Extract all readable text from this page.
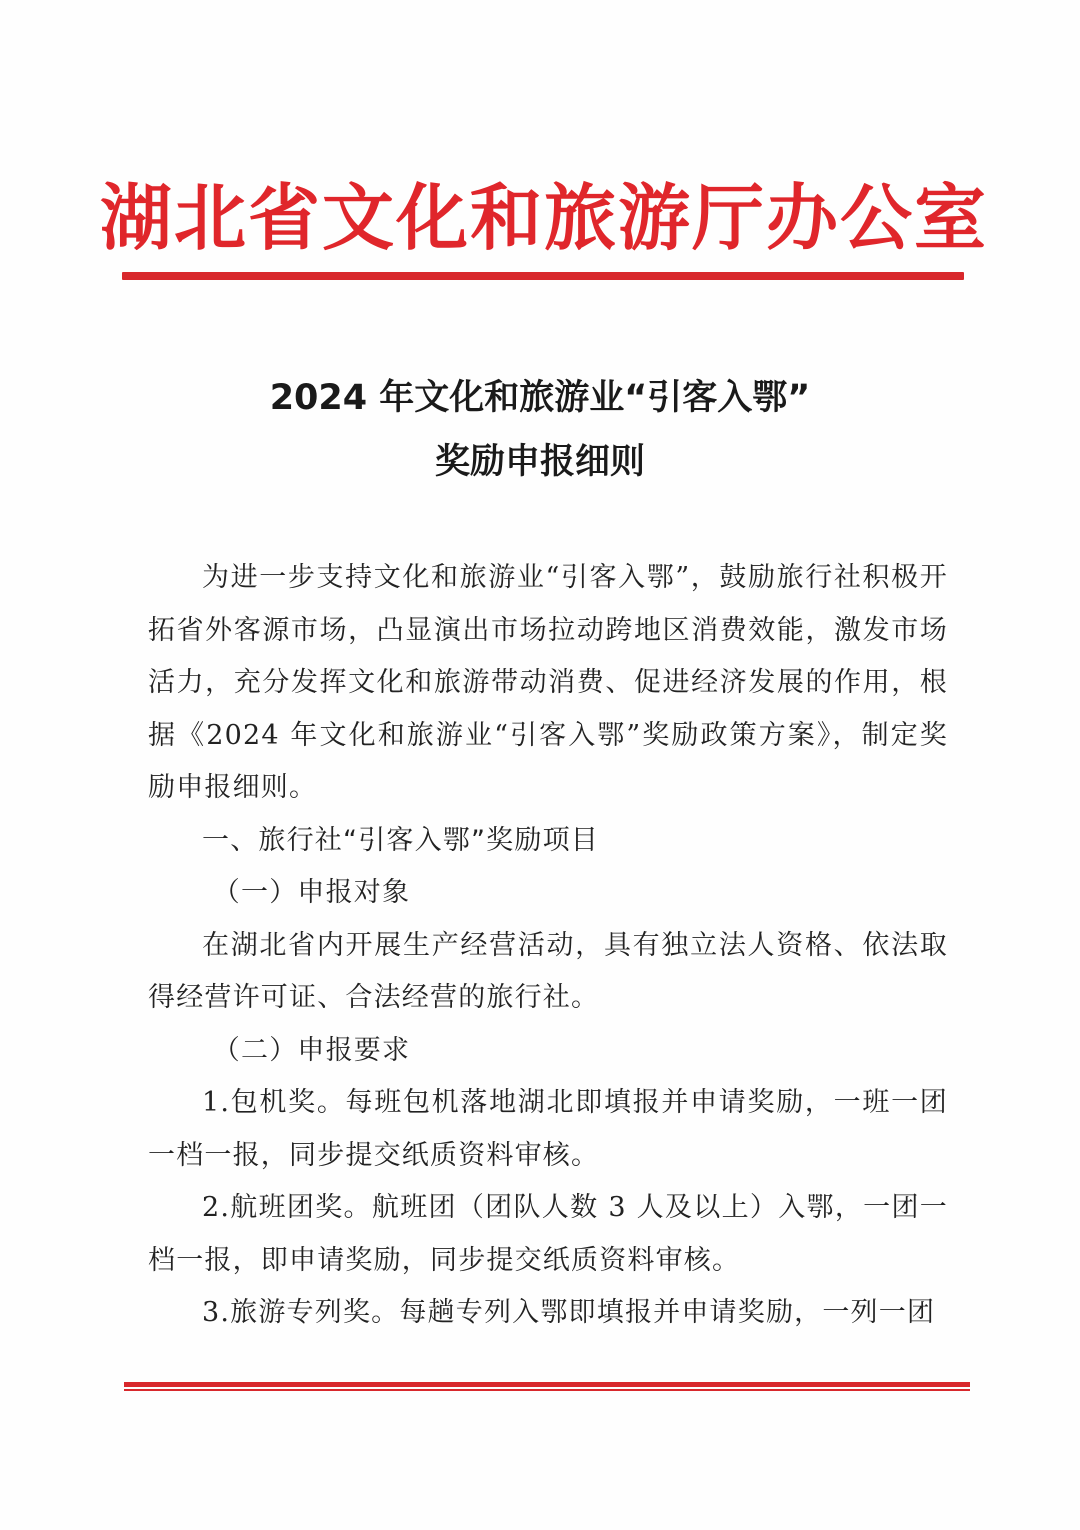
湖北省文化和旅游厅办公室
2024 年文化和旅游业“引客入鄂”
奖励申报细则

为进一步支持文化和旅游业“引客入鄂”，鼓励旅行社积极开拓省外客源市场，凸显演出市场拉动跨地区消费效能，激发市场活力，充分发挥文化和旅游带动消费、促进经济发展的作用，根据《2024 年文化和旅游业“引客入鄂”奖励政策方案》，制定奖励申报细则。

一、旅行社“引客入鄂”奖励项目

（一）申报对象

在湖北省内开展生产经营活动，具有独立法人资格、依法取得经营许可证、合法经营的旅行社。

（二）申报要求

1.包机奖。每班包机落地湖北即填报并申请奖励，一班一团一档一报，同步提交纸质资料审核。

2.航班团奖。航班团（团队人数 3 人及以上）入鄂，一团一档一报，即申请奖励，同步提交纸质资料审核。

3.旅游专列奖。每趟专列入鄂即填报并申请奖励，一列一团
